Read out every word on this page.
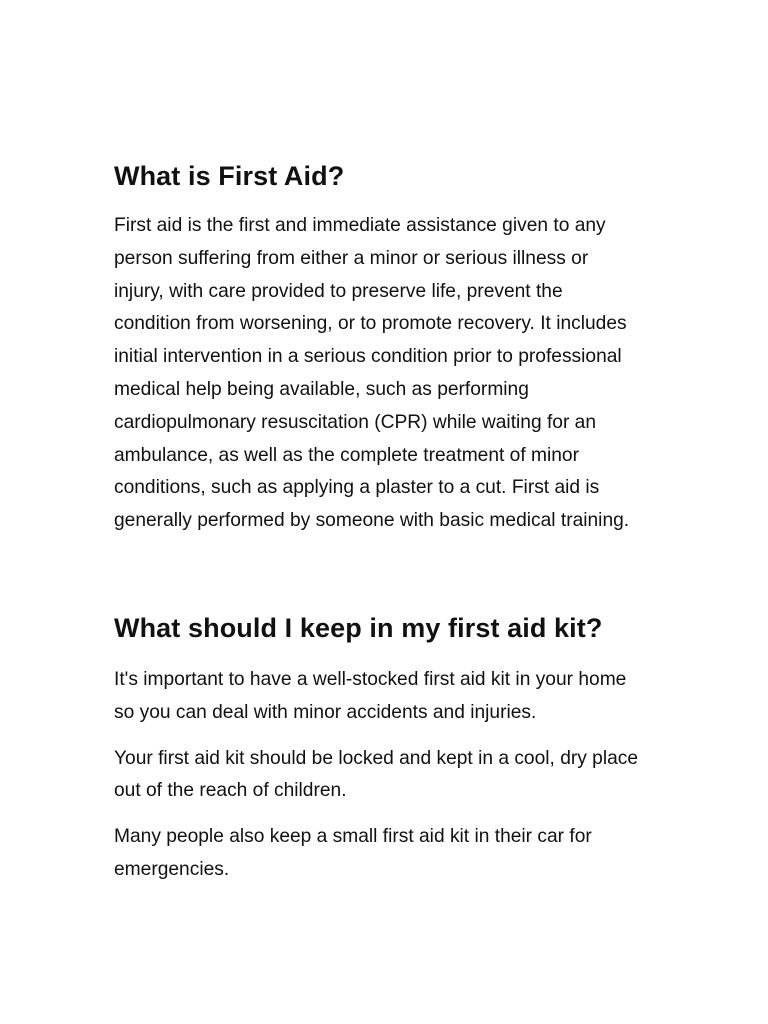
What is First Aid?

First aid is the first and immediate assistance given to any person suffering from either a minor or serious illness or injury, with care provided to preserve life, prevent the condition from worsening, or to promote recovery. It includes initial intervention in a serious condition prior to professional medical help being available, such as performing cardiopulmonary resuscitation (CPR) while waiting for an ambulance, as well as the complete treatment of minor conditions, such as applying a plaster to a cut. First aid is generally performed by someone with basic medical training.

What should I keep in my first aid kit?

It's important to have a well-stocked first aid kit in your home so you can deal with minor accidents and injuries.

Your first aid kit should be locked and kept in a cool, dry place out of the reach of children.

Many people also keep a small first aid kit in their car for emergencies.
